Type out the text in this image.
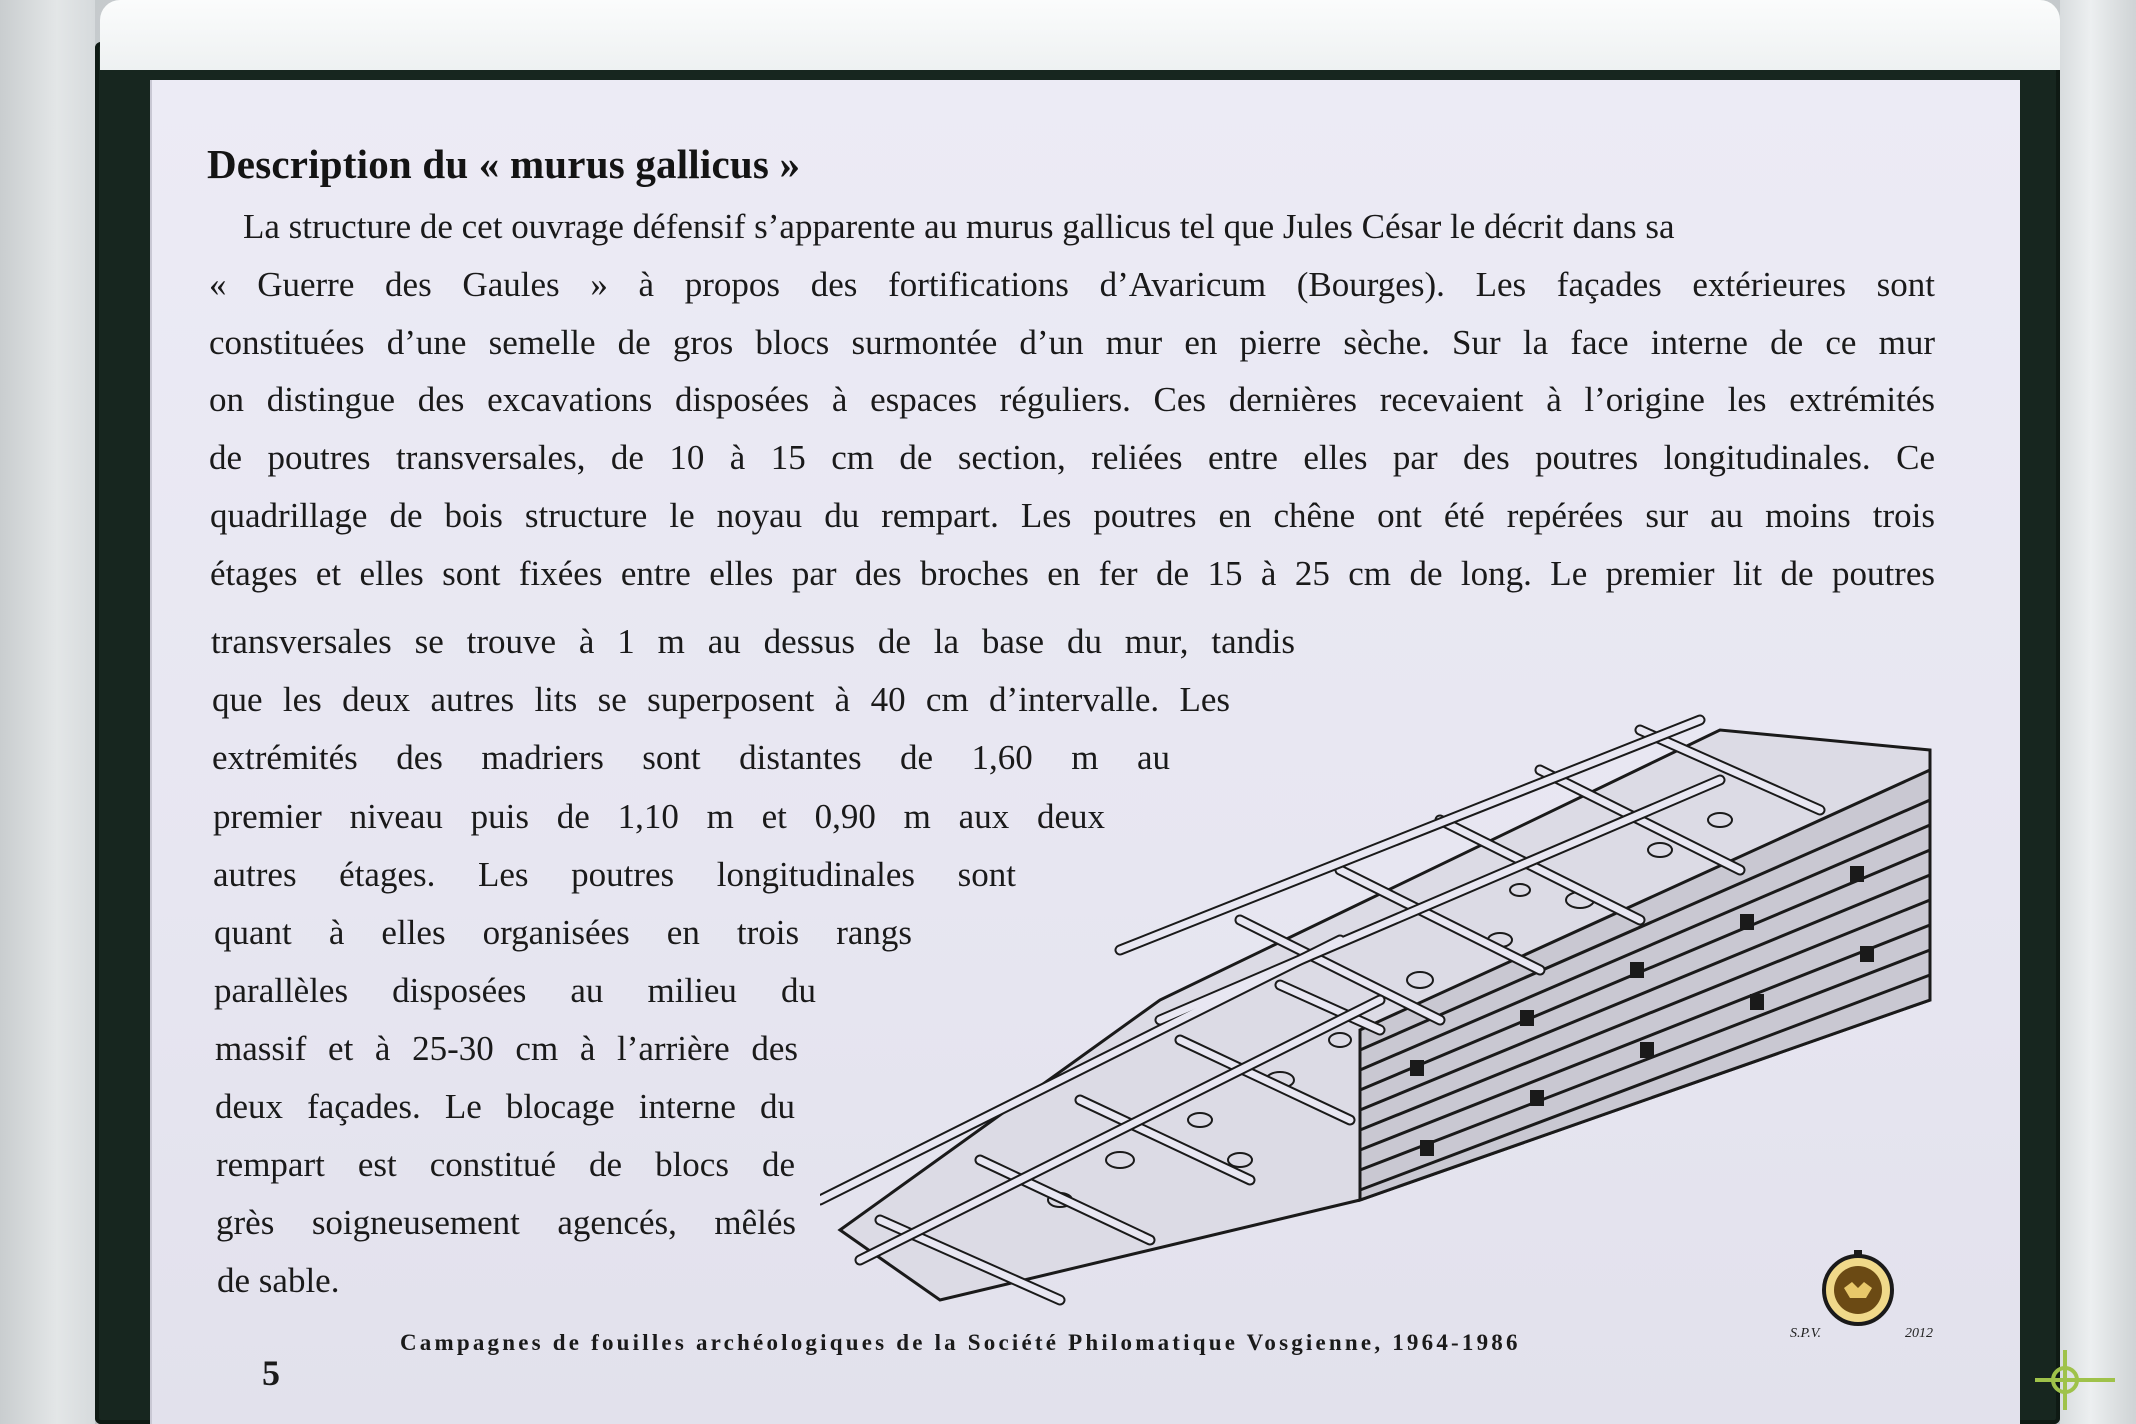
Description du « murus gallicus »
La structure de cet ouvrage défensif s’apparente au murus gallicus tel que Jules César le décrit dans sa
« Guerre des Gaules » à propos des fortifications d’Avaricum (Bourges). Les façades extérieures sont
constituées d’une semelle de gros blocs surmontée d’un mur en pierre sèche. Sur la face interne de ce mur
on distingue des excavations disposées à espaces réguliers. Ces dernières recevaient à l’origine les extrémités
de poutres transversales, de 10 à 15 cm de section, reliées entre elles par des poutres longitudinales. Ce
quadrillage de bois structure le noyau du rempart. Les poutres en chêne ont été repérées sur au moins trois
étages et elles sont fixées entre elles par des broches en fer de 15 à 25 cm de long. Le premier lit de poutres
transversales se trouve à 1 m au dessus de la base du mur, tandis
que les deux autres lits se superposent à 40 cm d’intervalle. Les
extrémités des madriers sont distantes de 1,60 m au
premier niveau puis de 1,10 m et 0,90 m aux deux
autres étages. Les poutres longitudinales sont
quant à elles organisées en trois rangs
parallèles disposées au milieu du
massif et à 25-30 cm à l’arrière des
deux façades. Le blocage interne du
rempart est constitué de blocs de
grès soigneusement agencés, mêlés
de sable.
5
Campagnes de fouilles archéologiques de la Société Philomatique Vosgienne, 1964-1986	S.P.V.	2012
